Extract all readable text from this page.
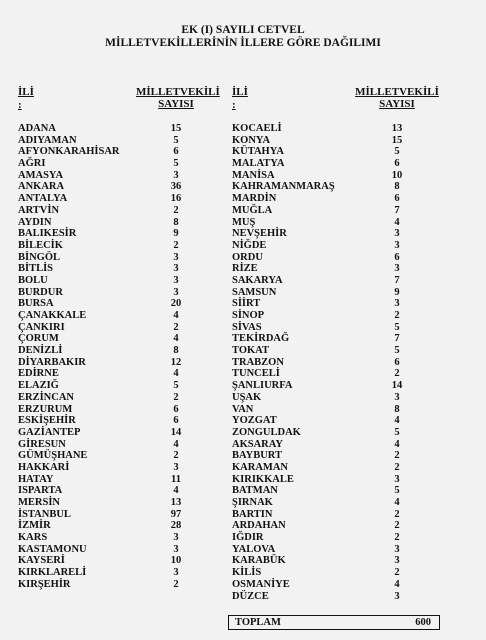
EK (I) SAYILI CETVEL
MİLLETVEKİLLERİNİN İLLERE GÖRE DAĞILIMI
İLİ
:
MİLLETVEKİLİ
SAYISI
İLİ
:
MİLLETVEKİLİ
SAYISI
ADANA	15
ADIYAMAN	5
AFYONKARAHİSAR	6
AĞRI	5
AMASYA	3
ANKARA	36
ANTALYA	16
ARTVİN	2
AYDIN	8
BALIKESİR	9
BİLECİK	2
BİNGÖL	3
BİTLİS	3
BOLU	3
BURDUR	3
BURSA	20
ÇANAKKALE	4
ÇANKIRI	2
ÇORUM	4
DENİZLİ	8
DİYARBAKIR	12
EDİRNE	4
ELAZIĞ	5
ERZİNCAN	2
ERZURUM	6
ESKİŞEHİR	6
GAZİANTEP	14
GİRESUN	4
GÜMÜŞHANE	2
HAKKARİ	3
HATAY	11
ISPARTA	4
MERSİN	13
İSTANBUL	97
İZMİR	28
KARS	3
KASTAMONU	3
KAYSERİ	10
KIRKLARELİ	3
KIRŞEHİR	2
KOCAELİ	13
KONYA	15
KÜTAHYA	5
MALATYA	6
MANİSA	10
KAHRAMANMARAŞ	8
MARDİN	6
MUĞLA	7
MUŞ	4
NEVŞEHİR	3
NİĞDE	3
ORDU	6
RİZE	3
SAKARYA	7
SAMSUN	9
SİİRT	3
SİNOP	2
SİVAS	5
TEKİRDAĞ	7
TOKAT	5
TRABZON	6
TUNCELİ	2
ŞANLIURFA	14
UŞAK	3
VAN	8
YOZGAT	4
ZONGULDAK	5
AKSARAY	4
BAYBURT	2
KARAMAN	2
KIRIKKALE	3
BATMAN	5
ŞIRNAK	4
BARTIN	2
ARDAHAN	2
IĞDIR	2
YALOVA	3
KARABÜK	3
KİLİS	2
OSMANİYE	4
DÜZCE	3
TOPLAM	600
